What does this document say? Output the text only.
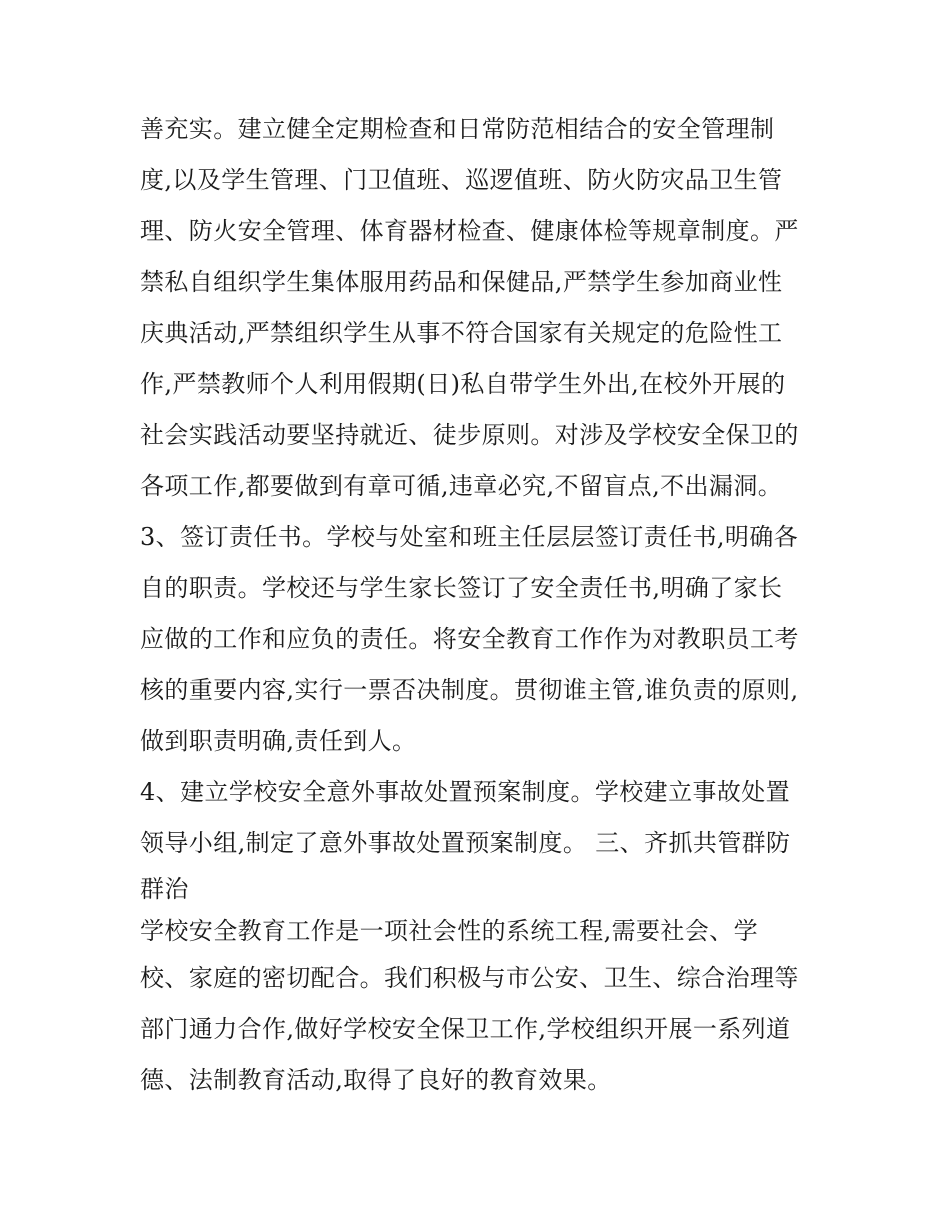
善充实。建立健全定期检查和日常防范相结合的安全管理制
度,以及学生管理、门卫值班、巡逻值班、防火防灾品卫生管
理、防火安全管理、体育器材检查、健康体检等规章制度。严
禁私自组织学生集体服用药品和保健品,严禁学生参加商业性
庆典活动,严禁组织学生从事不符合国家有关规定的危险性工
作,严禁教师个人利用假期(日)私自带学生外出,在校外开展的
社会实践活动要坚持就近、徒步原则。对涉及学校安全保卫的
各项工作,都要做到有章可循,违章必究,不留盲点,不出漏洞。
3、签订责任书。学校与处室和班主任层层签订责任书,明确各
自的职责。学校还与学生家长签订了安全责任书,明确了家长
应做的工作和应负的责任。将安全教育工作作为对教职员工考
核的重要内容,实行一票否决制度。贯彻谁主管,谁负责的原则,
做到职责明确,责任到人。
4、建立学校安全意外事故处置预案制度。学校建立事故处置
领导小组,制定了意外事故处置预案制度。 三、齐抓共管群防
群治
学校安全教育工作是一项社会性的系统工程,需要社会、学
校、家庭的密切配合。我们积极与市公安、卫生、综合治理等
部门通力合作,做好学校安全保卫工作,学校组织开展一系列道
德、法制教育活动,取得了良好的教育效果。
